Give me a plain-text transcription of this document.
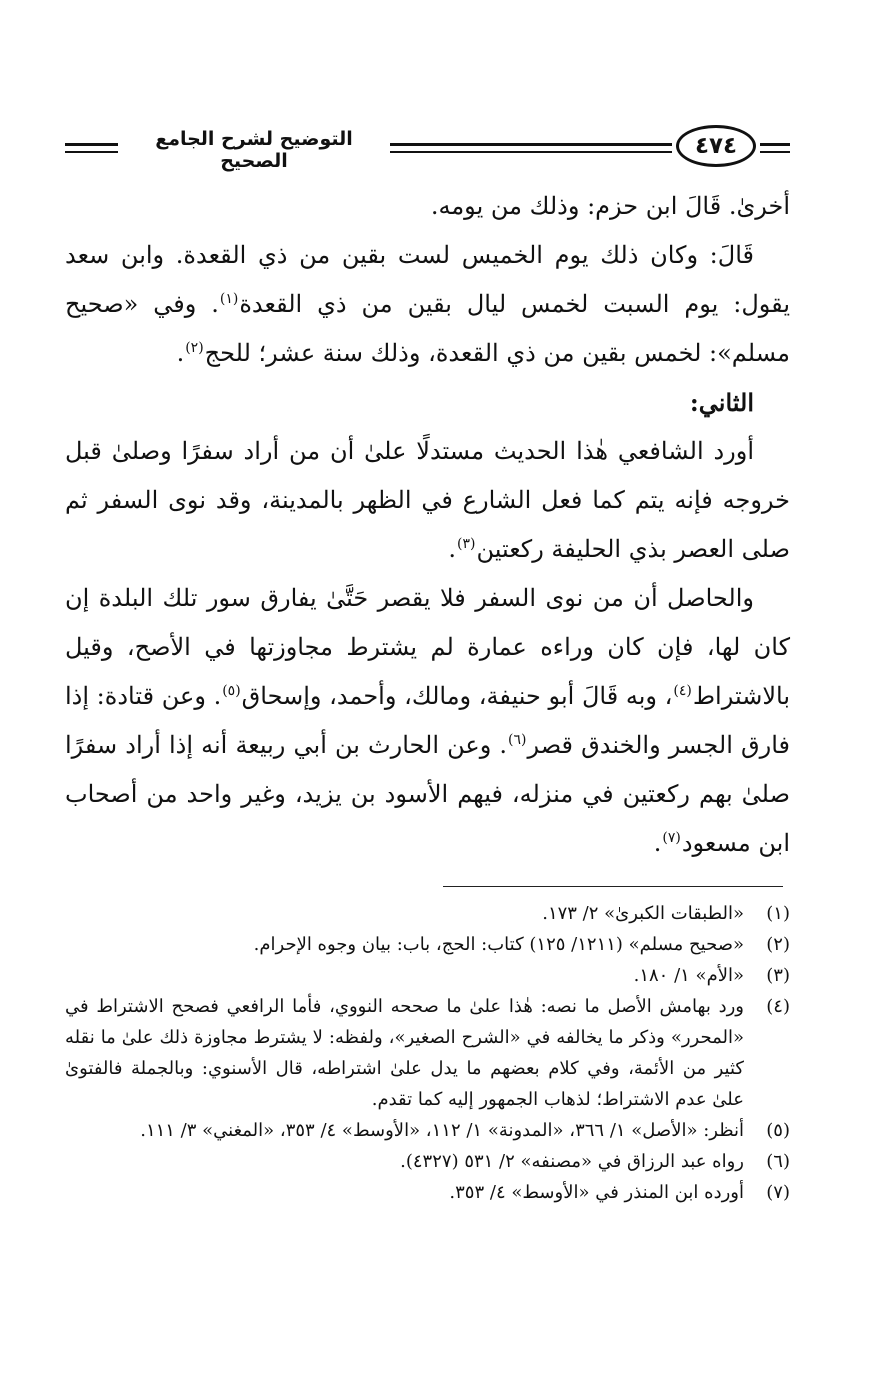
التوضيح لشرح الجامع الصحيح
٤٧٤

أخرىٰ. قَالَ ابن حزم: وذلك من يومه.

قَالَ: وكان ذلك يوم الخميس لست بقين من ذي القعدة. وابن سعد يقول: يوم السبت لخمس ليال بقين من ذي القعدة$^{(١)}$. وفي «صحيح مسلم»: لخمس بقين من ذي القعدة، وذلك سنة عشر؛ للحج$^{(٢)}$.

الثاني:

أورد الشافعي هٰذا الحديث مستدلًا علىٰ أن من أراد سفرًا وصلىٰ قبل خروجه فإنه يتم كما فعل الشارع في الظهر بالمدينة، وقد نوى السفر ثم صلى العصر بذي الحليفة ركعتين$^{(٣)}$.

والحاصل أن من نوى السفر فلا يقصر حَتَّىٰ يفارق سور تلك البلدة إن كان لها، فإن كان وراءه عمارة لم يشترط مجاوزتها في الأصح، وقيل بالاشتراط$^{(٤)}$، وبه قَالَ أبو حنيفة، ومالك، وأحمد، وإسحاق$^{(٥)}$. وعن قتادة: إذا فارق الجسر والخندق قصر$^{(٦)}$. وعن الحارث بن أبي ربيعة أنه إذا أراد سفرًا صلىٰ بهم ركعتين في منزله، فيهم الأسود بن يزيد، وغير واحد من أصحاب ابن مسعود$^{(٧)}$.

(١)
«الطبقات الكبرىٰ» ٢/ ١٧٣.
(٢)
«صحيح مسلم» (١٢١١/ ١٢٥) كتاب: الحج، باب: بيان وجوه الإحرام.
(٣)
«الأم» ١/ ١٨٠.
(٤)
ورد بهامش الأصل ما نصه: هٰذا علىٰ ما صححه النووي، فأما الرافعي فصحح الاشتراط في «المحرر» وذكر ما يخالفه في «الشرح الصغير»، ولفظه: لا يشترط مجاوزة ذلك علىٰ ما نقله كثير من الأئمة، وفي كلام بعضهم ما يدل علىٰ اشتراطه، قال الأسنوي: وبالجملة فالفتوىٰ علىٰ عدم الاشتراط؛ لذهاب الجمهور إليه كما تقدم.
(٥)
أنظر: «الأصل» ١/ ٣٦٦، «المدونة» ١/ ١١٢، «الأوسط» ٤/ ٣٥٣، «المغني» ٣/ ١١١.
(٦)
رواه عبد الرزاق في «مصنفه» ٢/ ٥٣١ (٤٣٢٧).
(٧)
أورده ابن المنذر في «الأوسط» ٤/ ٣٥٣.
